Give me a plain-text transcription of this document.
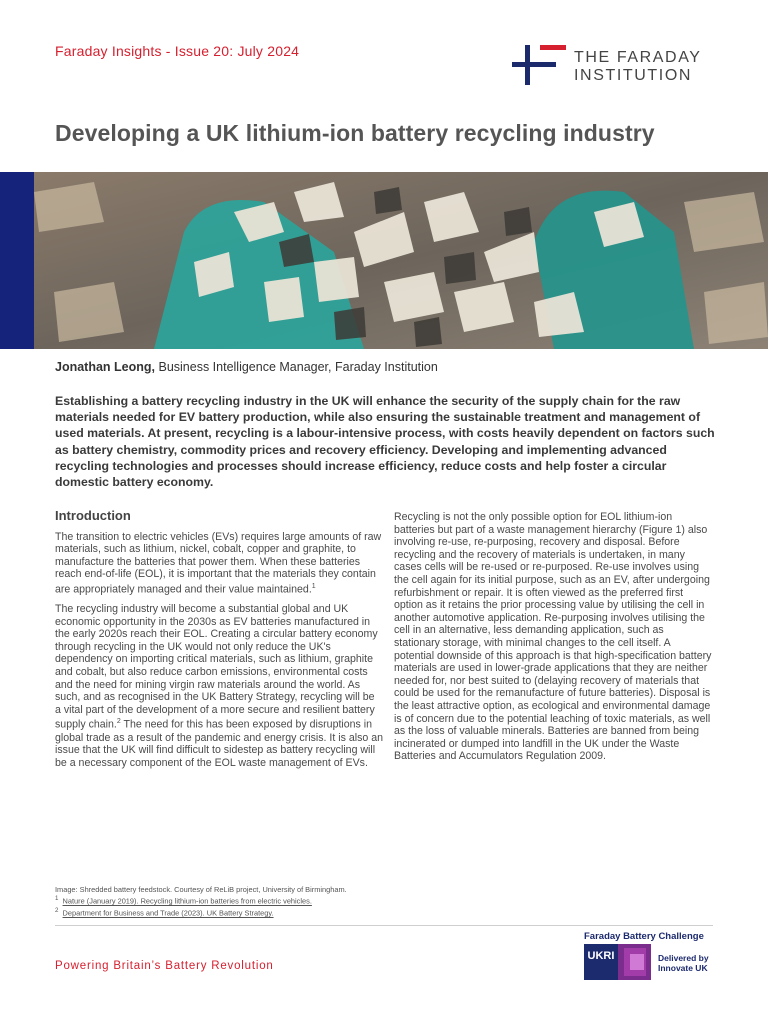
Faraday Insights - Issue 20: July 2024	THE FARADAY
INSTITUTION
Developing a UK lithium-ion battery recycling industry
Jonathan Leong, Business Intelligence Manager, Faraday Institution

Establishing a battery recycling industry in the UK will enhance the security of the supply chain for the raw materials needed for EV battery production, while also ensuring the sustainable treatment and management of used materials. At present, recycling is a labour-intensive process, with costs heavily dependent on factors such as battery chemistry, commodity prices and recovery efficiency. Developing and implementing advanced recycling technologies and processes should increase efficiency, reduce costs and help foster a circular domestic battery economy.

Introduction

The transition to electric vehicles (EVs) requires large amounts of raw materials, such as lithium, nickel, cobalt, copper and graphite, to manufacture the batteries that power them. When these batteries reach end-of-life (EOL), it is important that the materials they contain are appropriately managed and their value maintained.$^1$

The recycling industry will become a substantial global and UK economic opportunity in the 2030s as EV batteries manufactured in the early 2020s reach their EOL. Creating a circular battery economy through recycling in the UK would not only reduce the UK's dependency on importing critical materials, such as lithium, graphite and cobalt, but also reduce carbon emissions, environmental costs and the need for mining virgin raw materials around the world. As such, and as recognised in the UK Battery Strategy, recycling will be a vital part of the development of a more secure and resilient battery supply chain.$^2$ The need for this has been exposed by disruptions in global trade as a result of the pandemic and energy crisis. It is also an issue that the UK will find difficult to sidestep as battery recycling will be a necessary component of the EOL waste management of EVs.

Recycling is not the only possible option for EOL lithium-ion batteries but part of a waste management hierarchy (Figure 1) also involving re-use, re-purposing, recovery and disposal. Before recycling and the recovery of materials is undertaken, in many cases cells will be re-used or re-purposed. Re-use involves using the cell again for its initial purpose, such as an EV, after undergoing refurbishment or repair. It is often viewed as the preferred first option as it retains the prior processing value by utilising the cell in another automotive application. Re-purposing involves utilising the cell in an alternative, less demanding application, such as stationary storage, with minimal changes to the cell itself. A potential downside of this approach is that high-specification battery materials are used in lower-grade applications that they are neither needed for, nor best suited to (delaying recovery of materials that could be used for the remanufacture of future batteries). Disposal is the least attractive option, as ecological and environmental damage is of concern due to the potential leaching of toxic materials, as well as the loss of valuable minerals. Batteries are banned from being incinerated or dumped into landfill in the UK under the Waste Batteries and Accumulators Regulation 2009.

Image: Shredded battery feedstock. Courtesy of ReLiB project, University of Birmingham.
$^1$ Nature (January 2019). Recycling lithium-ion batteries from electric vehicles.
$^2$ Department for Business and Trade (2023). UK Battery Strategy.
Powering Britain’s Battery Revolution
Faraday Battery Challenge
UKRI	Delivered by
Innovate UK
